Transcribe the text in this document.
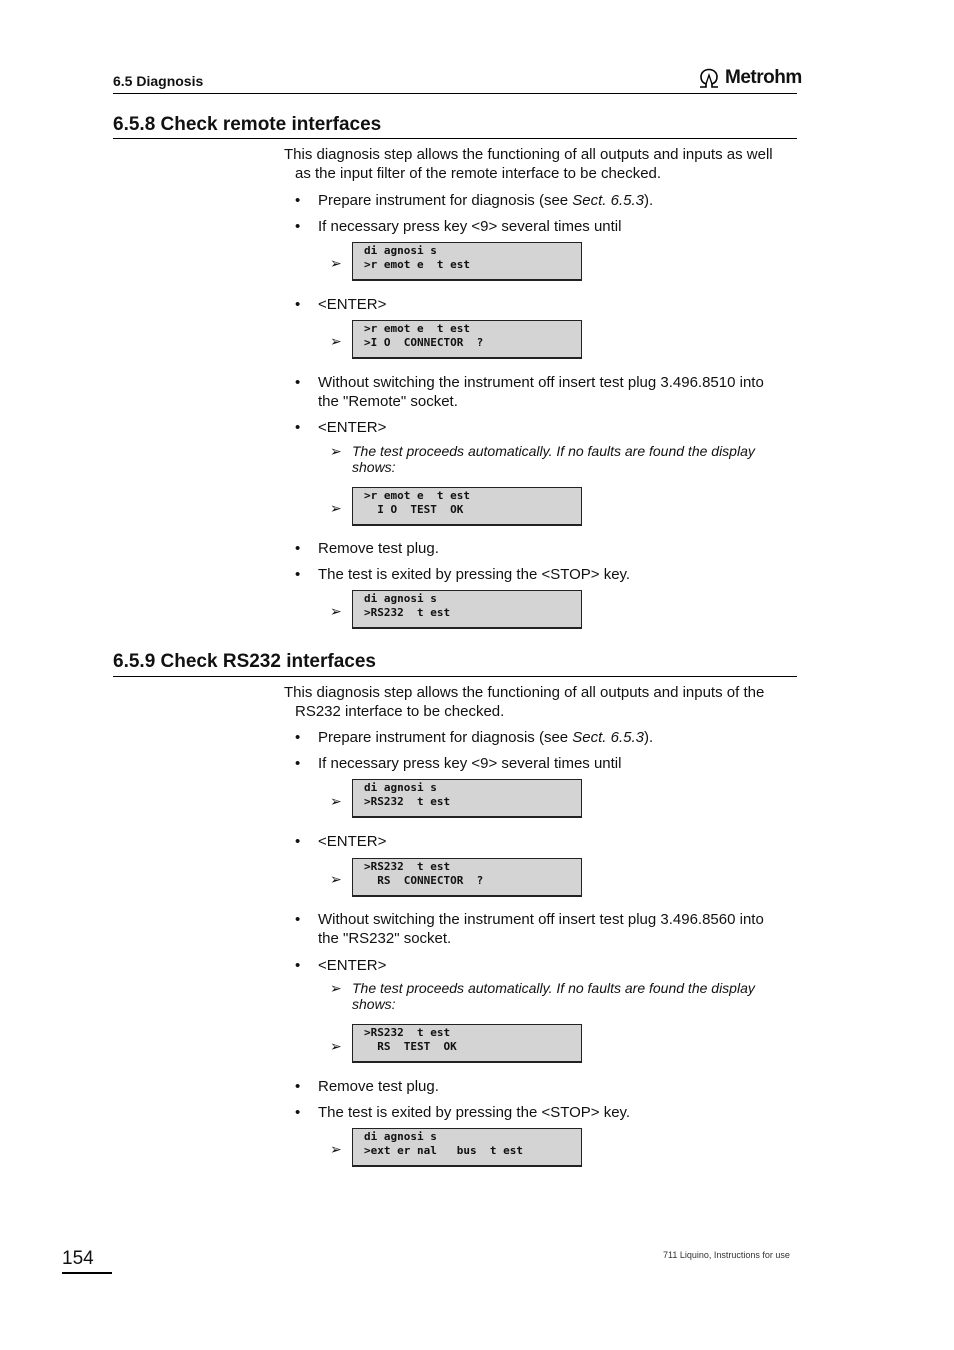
6.5 Diagnosis	Metrohm
6.5.8 Check remote interfaces
This diagnosis step allows the functioning of all outputs and inputs as well
as the input filter of the remote interface to be checked.
• Prepare instrument for diagnosis (see Sect. 6.5.3).
• If necessary press key <9> several times until
➢
di agnosi s
>r emot e  t est
• <ENTER>
➢
>r emot e  t est
>I O  CONNECTOR  ?
• Without switching the instrument off insert test plug 3.496.8510 into the "Remote" socket.
• <ENTER>
➢ The test proceeds automatically. If no faults are found the display shows:
➢
>r emot e  t est
I O  TEST  OK
• Remove test plug.
• The test is exited by pressing the <STOP> key.
➢
di agnosi s
>RS232  t est
6.5.9 Check RS232 interfaces
This diagnosis step allows the functioning of all outputs and inputs of the
RS232 interface to be checked.
• Prepare instrument for diagnosis (see Sect. 6.5.3).
• If necessary press key <9> several times until
➢
di agnosi s
>RS232  t est
• <ENTER>
➢
>RS232  t est
RS  CONNECTOR  ?
• Without switching the instrument off insert test plug 3.496.8560 into the "RS232" socket.
• <ENTER>
➢ The test proceeds automatically. If no faults are found the display shows:
➢
>RS232  t est
RS  TEST  OK
• Remove test plug.
• The test is exited by pressing the <STOP> key.
➢
di agnosi s
>ext er nal   bus  t est
154	711 Liquino, Instructions for use
